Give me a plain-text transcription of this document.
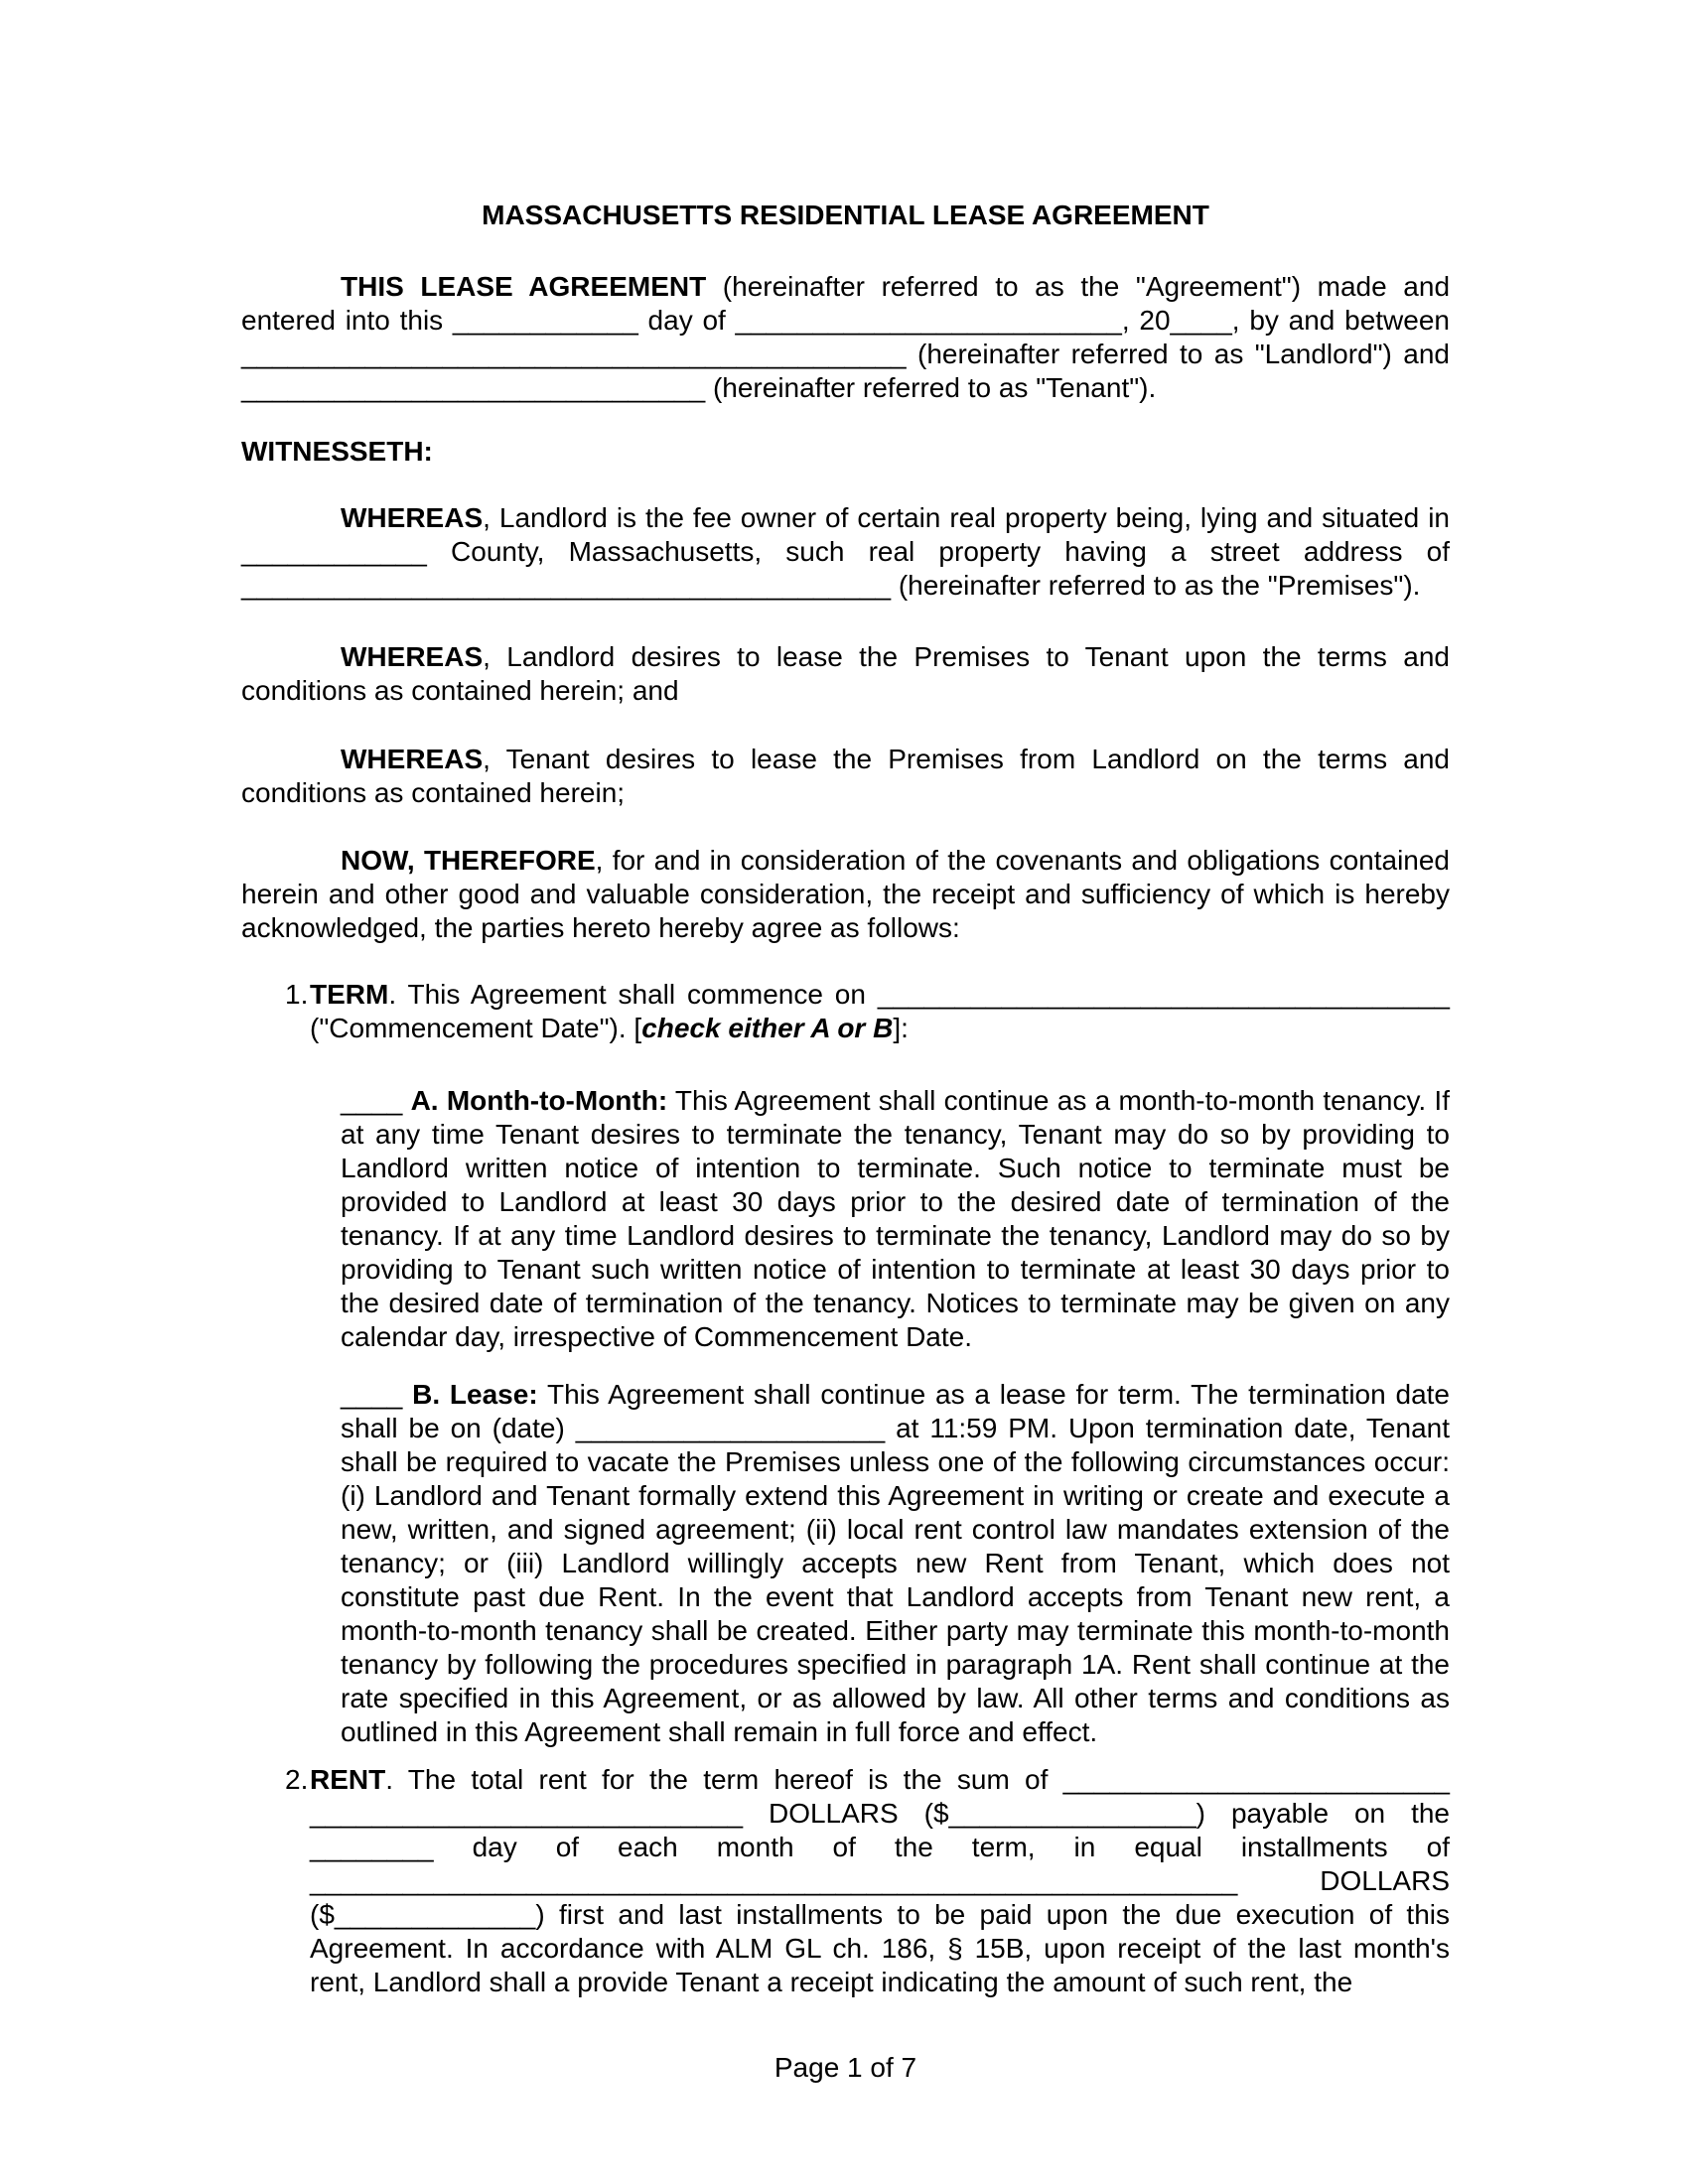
MASSACHUSETTS RESIDENTIAL LEASE AGREEMENT

THIS LEASE AGREEMENT (hereinafter referred to as the "Agreement") made and entered into this ____________ day of _________________________, 20____, by and between ___________________________________________ (hereinafter referred to as "Landlord") and ______________________________ (hereinafter referred to as "Tenant").

WITNESSETH:

WHEREAS, Landlord is the fee owner of certain real property being, lying and situated in ____________ County, Massachusetts, such real property having a street address of __________________________________________ (hereinafter referred to as the "Premises").

WHEREAS, Landlord desires to lease the Premises to Tenant upon the terms and conditions as contained herein; and

WHEREAS, Tenant desires to lease the Premises from Landlord on the terms and conditions as contained herein;

NOW, THEREFORE, for and in consideration of the covenants and obligations contained herein and other good and valuable consideration, the receipt and sufficiency of which is hereby acknowledged, the parties hereto hereby agree as follows:

1. TERM. This Agreement shall commence on _____________________________________ ("Commencement Date"). [check either A or B]:

____ A. Month-to-Month: This Agreement shall continue as a month-to-month tenancy. If at any time Tenant desires to terminate the tenancy, Tenant may do so by providing to Landlord written notice of intention to terminate. Such notice to terminate must be provided to Landlord at least 30 days prior to the desired date of termination of the tenancy. If at any time Landlord desires to terminate the tenancy, Landlord may do so by providing to Tenant such written notice of intention to terminate at least 30 days prior to the desired date of termination of the tenancy. Notices to terminate may be given on any calendar day, irrespective of Commencement Date.

____ B. Lease: This Agreement shall continue as a lease for term. The termination date shall be on (date) ____________________ at 11:59 PM. Upon termination date, Tenant shall be required to vacate the Premises unless one of the following circumstances occur: (i) Landlord and Tenant formally extend this Agreement in writing or create and execute a new, written, and signed agreement; (ii) local rent control law mandates extension of the tenancy; or (iii) Landlord willingly accepts new Rent from Tenant, which does not constitute past due Rent. In the event that Landlord accepts from Tenant new rent, a month-to-month tenancy shall be created. Either party may terminate this month-to-month tenancy by following the procedures specified in paragraph 1A. Rent shall continue at the rate specified in this Agreement, or as allowed by law. All other terms and conditions as outlined in this Agreement shall remain in full force and effect.

2. RENT. The total rent for the term hereof is the sum of _________________________ ____________________________ DOLLARS ($________________) payable on the ________ day of each month of the term, in equal installments of ____________________________________________________________ DOLLARS ($_____________) first and last installments to be paid upon the due execution of this Agreement. In accordance with ALM GL ch. 186, § 15B, upon receipt of the last month's rent, Landlord shall a provide Tenant a receipt indicating the amount of such rent, the
Page 1 of 7
